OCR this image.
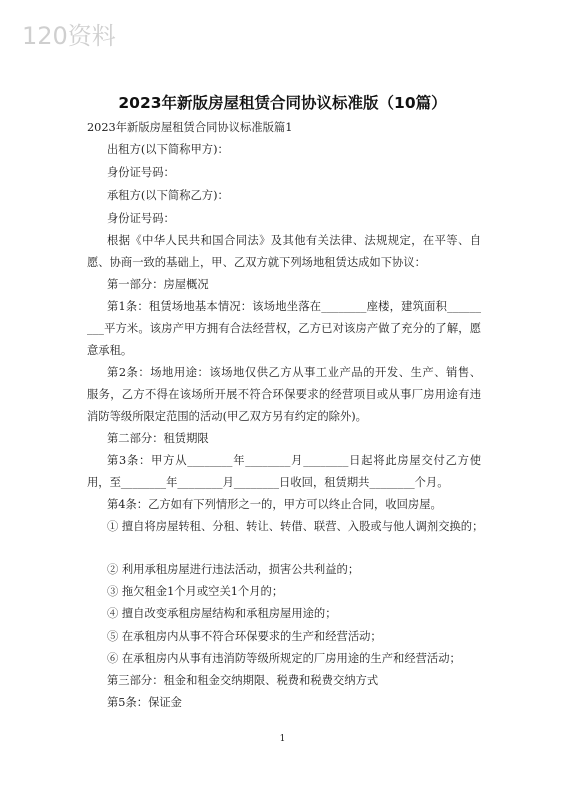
120资料
2023年新版房屋租赁合同协议标准版（10篇）
2023年新版房屋租赁合同协议标准版篇1
出租方(以下简称甲方)：
身份证号码：
承租方(以下简称乙方)：
身份证号码：
根据《中华人民共和国合同法》及其他有关法律、法规规定，在平等、自
愿、协商一致的基础上，甲、乙双方就下列场地租赁达成如下协议：
第一部分：房屋概况
第1条：租赁场地基本情况：该场地坐落在________座楼，建筑面积______
___平方米。该房产甲方拥有合法经营权，乙方已对该房产做了充分的了解，愿
意承租。
第2条：场地用途：该场地仅供乙方从事工业产品的开发、生产、销售、
服务，乙方不得在该场所开展不符合环保要求的经营项目或从事厂房用途有违
消防等级所限定范围的活动(甲乙双方另有约定的除外)。
第二部分：租赁期限
第3条：甲方从________年________月________日起将此房屋交付乙方使
用，至________年________月________日收回，租赁期共________个月。
第4条：乙方如有下列情形之一的，甲方可以终止合同，收回房屋。
① 擅自将房屋转租、分租、转让、转借、联营、入股或与他人调剂交换的；
② 利用承租房屋进行违法活动，损害公共利益的；
③ 拖欠租金1个月或空关1个月的；
④ 擅自改变承租房屋结构和承租房屋用途的；
⑤ 在承租房内从事不符合环保要求的生产和经营活动；
⑥ 在承租房内从事有违消防等级所规定的厂房用途的生产和经营活动；
第三部分：租金和租金交纳期限、税费和税费交纳方式
第5条：保证金
1
